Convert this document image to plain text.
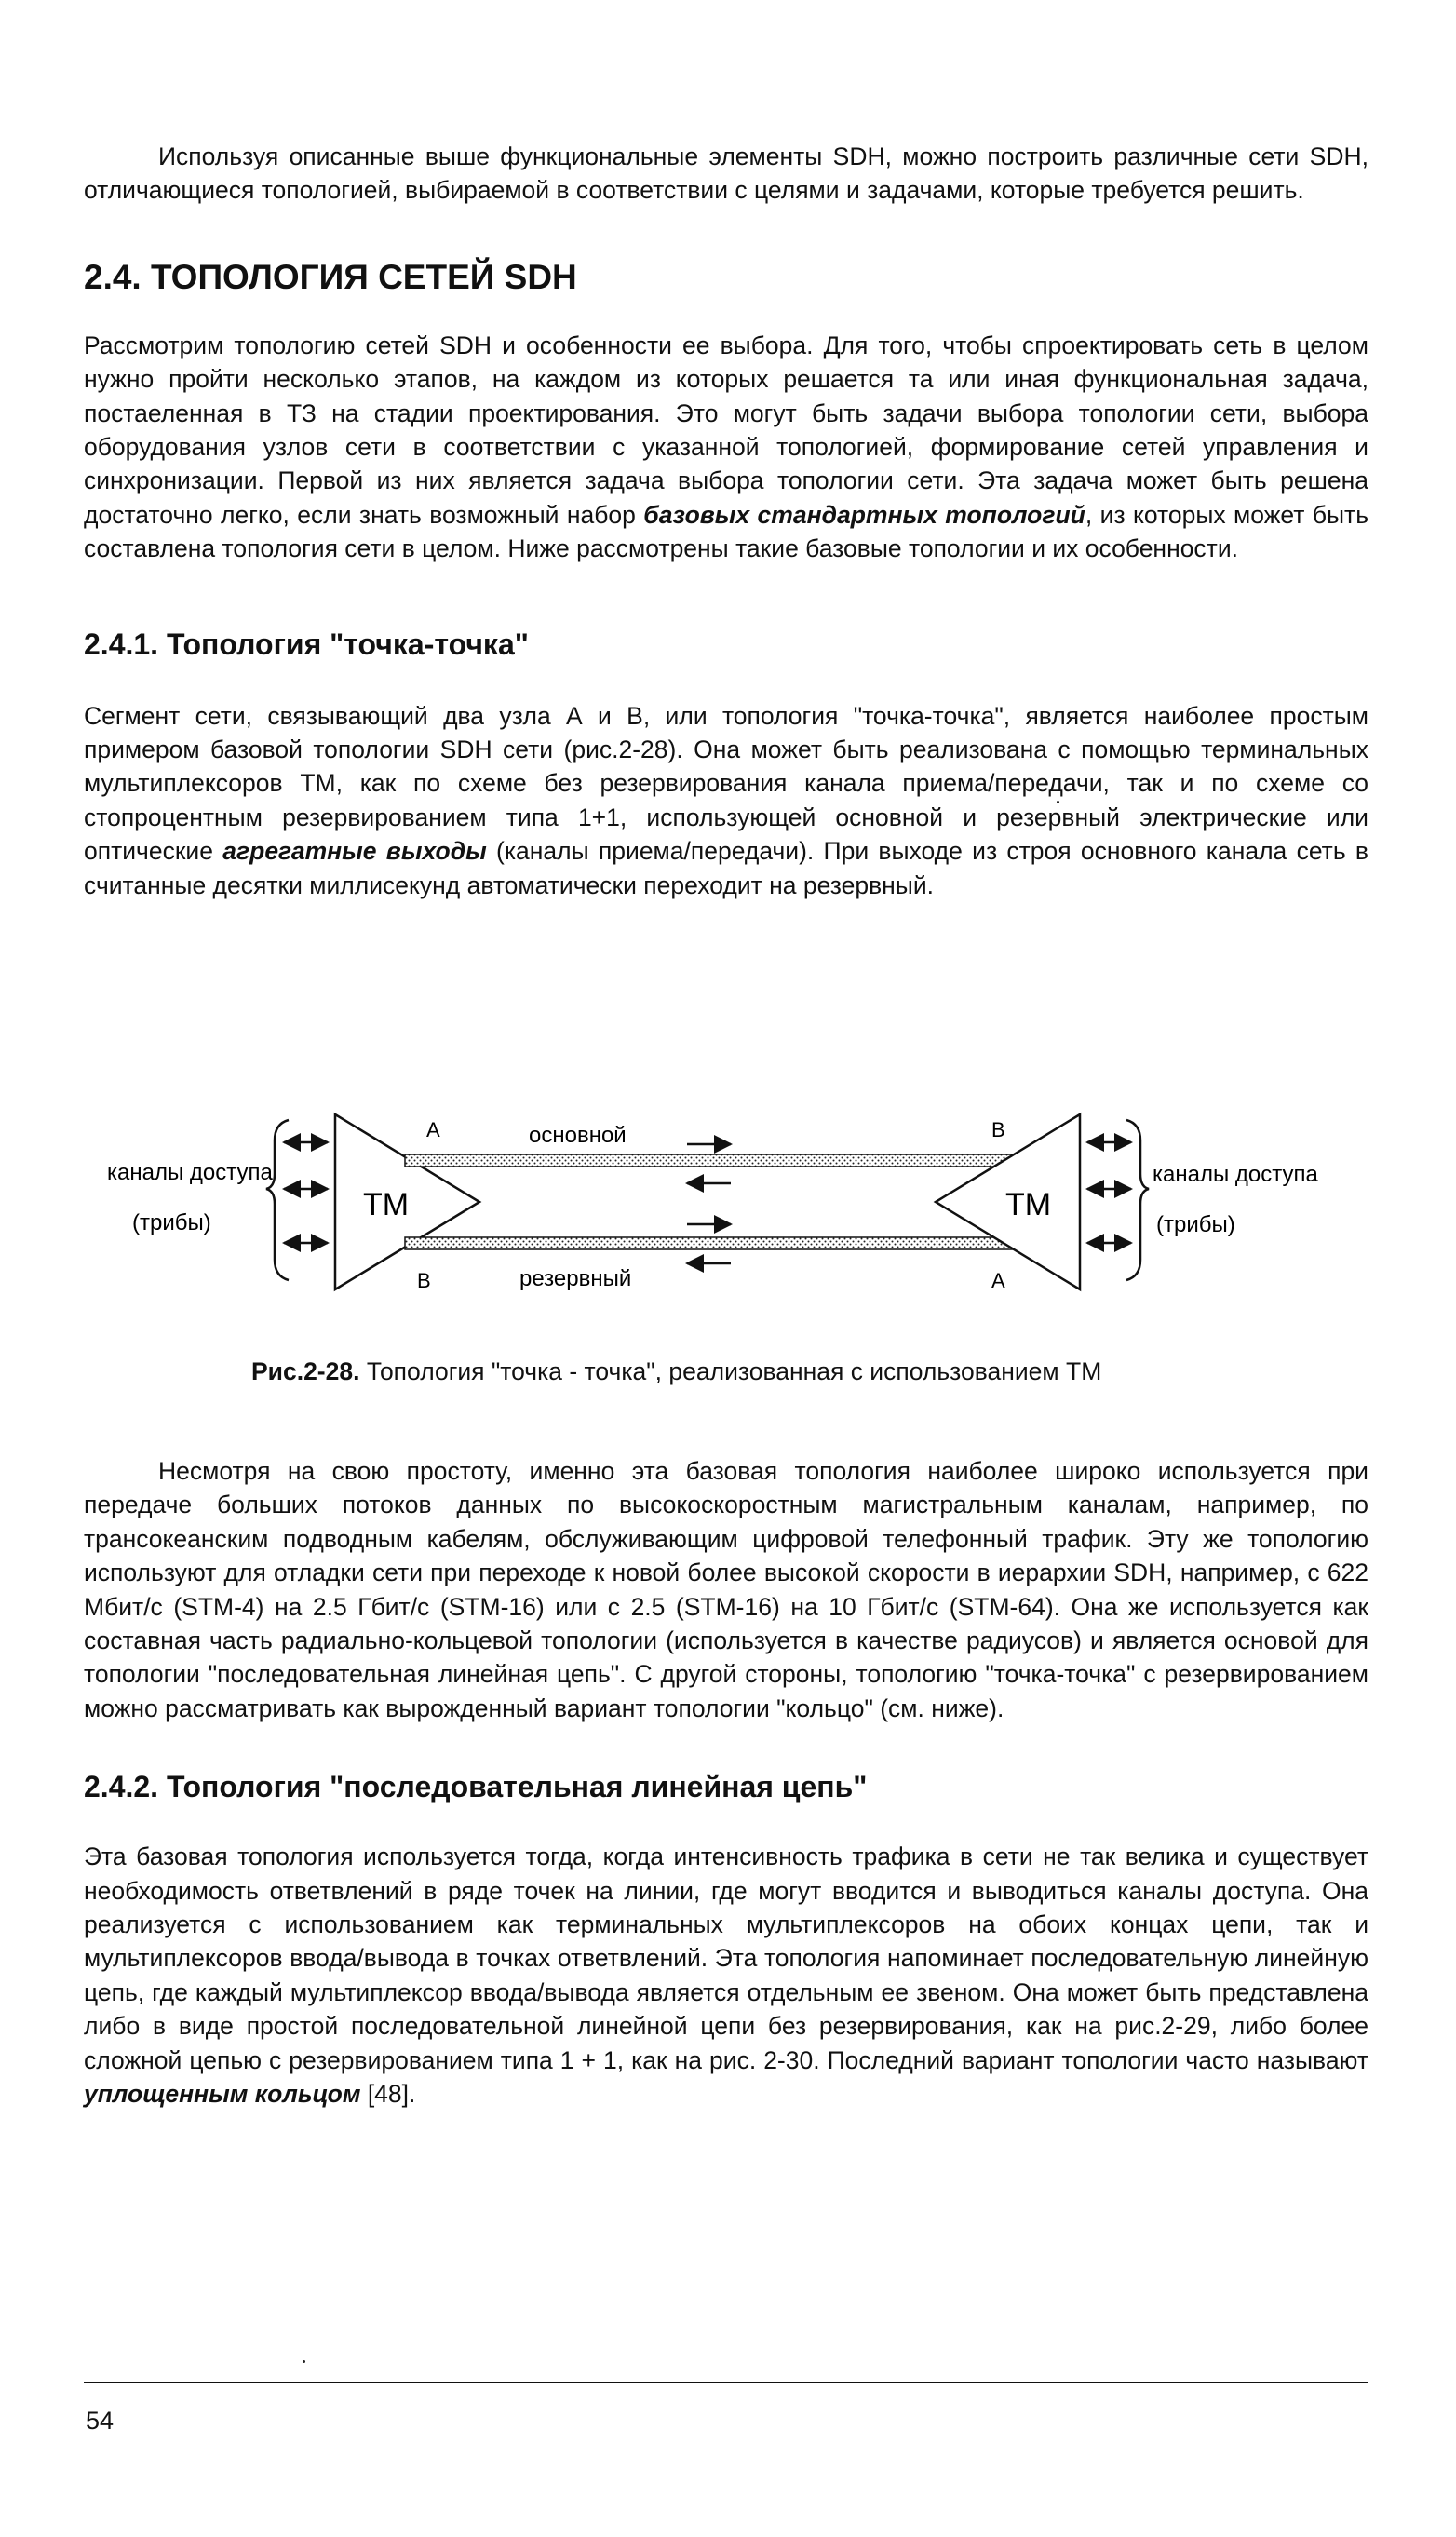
Используя описанные выше функциональные элементы SDH, можно построить различные сети SDH, отличающиеся топологией, выбираемой в соответствии с целями и задачами, которые требуется решить.

2.4. ТОПОЛОГИЯ СЕТЕЙ SDH

Рассмотрим топологию сетей SDH и особенности ее выбора. Для того, чтобы спроектировать сеть в целом нужно пройти несколько этапов, на каждом из которых решается та или иная функциональная задача, постаеленная в ТЗ на стадии проектирования. Это могут быть задачи выбора топологии сети, выбора оборудования узлов сети в соответствии с указанной топологией, формирование сетей управления и синхронизации. Первой из них является задача выбора топологии сети. Эта задача может быть решена достаточно легко, если знать возможный набор базовых стандартных топологий, из которых может быть составлена топология сети в целом. Ниже рассмотрены такие базовые топологии и их особенности.

2.4.1. Топология "точка-точка"

Сегмент сети, связывающий два узла А и В, или топология "точка-точка", является наиболее простым примером базовой топологии SDH сети (рис.2-28). Она может быть реализована с помощью терминальных мультиплексоров ТМ, как по схеме без резервирования канала приема/передачи, так и по схеме со стопроцентным резервированием типа 1+1, использующей основной и резервный электрические или оптические агрегатные выходы (каналы приема/передачи). При выходе из строя основного канала сеть в считанные десятки миллисекунд автоматически переходит на резервный.

каналы доступа
(трибы)
ТМ
А
В
основной
резервный
ТМ
В
А
каналы доступа
(трибы)
Рис.2-28. Топология "точка - точка", реализованная с использованием ТМ

Несмотря на свою простоту, именно эта базовая топология наиболее широко используется при передаче больших потоков данных по высокоскоростным магистральным каналам, например, по трансокеанским подводным кабелям, обслуживающим цифровой телефонный трафик. Эту же топологию используют для отладки сети при переходе к новой более высокой скорости в иерархии SDH, например, с 622 Мбит/с (STM-4) на 2.5 Гбит/с (STM-16) или с 2.5 (STM-16) на 10 Гбит/с (STM-64). Она же используется как составная часть радиально-кольцевой топологии (используется в качестве радиусов) и является основой для топологии "последовательная линейная цепь". С другой стороны, топологию "точка-точка" с резервированием можно рассматривать как вырожденный вариант топологии "кольцо" (см. ниже).

2.4.2. Топология "последовательная линейная цепь"

Эта базовая топология используется тогда, когда интенсивность трафика в сети не так велика и существует необходимость ответвлений в ряде точек на линии, где могут вводится и выводиться каналы доступа. Она реализуется с использованием как терминальных мультиплексоров на обоих концах цепи, так и мультиплексоров ввода/вывода в точках ответвлений. Эта топология напоминает последовательную линейную цепь, где каждый мультиплексор ввода/вывода является отдельным ее звеном. Она может быть представлена либо в виде простой последовательной линейной цепи без резервирования, как на рис.2-29, либо более сложной цепью с резервированием типа 1 + 1, как на рис. 2-30. Последний вариант топологии часто называют уплощенным кольцом [48].

54
